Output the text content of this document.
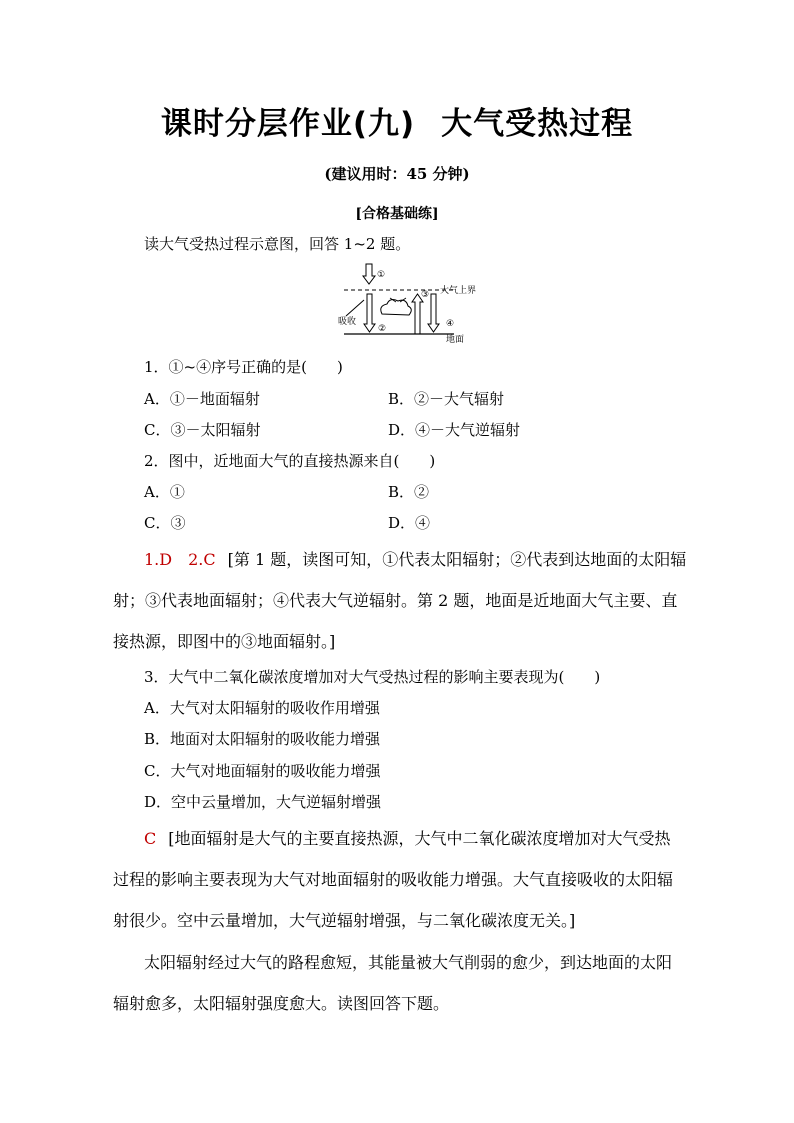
课时分层作业(九) 大气受热过程
(建议用时：45 分钟)
[合格基础练]
读大气受热过程示意图，回答 1~2 题。
①
③ 大气上界
吸收
②	④
地面
1．①~④序号正确的是(　　)
A．①－地面辐射	B．②－大气辐射
C．③－太阳辐射	D．④－大气逆辐射
2．图中，近地面大气的直接热源来自(　　)
A．①	B．②
C．③	D．④
1.D　2.C [第 1 题，读图可知，①代表太阳辐射；②代表到达地面的太阳辐
射；③代表地面辐射；④代表大气逆辐射。第 2 题，地面是近地面大气主要、直
接热源，即图中的③地面辐射。]
3．大气中二氧化碳浓度增加对大气受热过程的影响主要表现为(　　)
A．大气对太阳辐射的吸收作用增强
B．地面对太阳辐射的吸收能力增强
C．大气对地面辐射的吸收能力增强
D．空中云量增加，大气逆辐射增强
C [地面辐射是大气的主要直接热源，大气中二氧化碳浓度增加对大气受热
过程的影响主要表现为大气对地面辐射的吸收能力增强。大气直接吸收的太阳辐
射很少。空中云量增加，大气逆辐射增强，与二氧化碳浓度无关。]
太阳辐射经过大气的路程愈短，其能量被大气削弱的愈少，到达地面的太阳
辐射愈多，太阳辐射强度愈大。读图回答下题。
